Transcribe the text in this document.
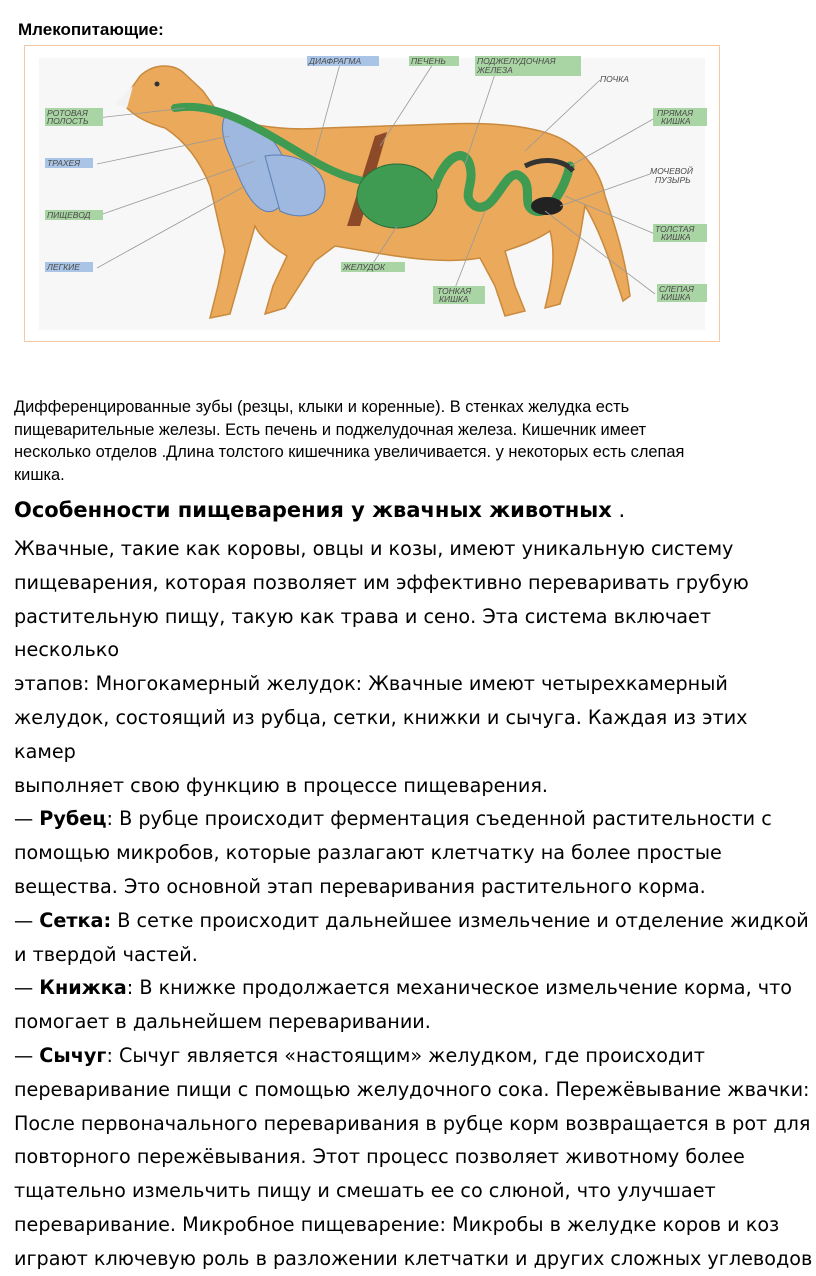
Млекопитающие:
РОТОВАЯ
ПОЛОСТЬ
ТРАХЕЯ
ПИЩЕВОД
ЛЕГКИЕ
ДИАФРАГМА	ПЕЧЕНЬ	ПОДЖЕЛУДОЧНАЯ
ЖЕЛЕЗА
ПОЧКА
ПРЯМАЯ
КИШКА
МОЧЕВОЙ
ПУЗЫРЬ
ТОЛСТАЯ
КИШКА
СЛЕПАЯ
КИШКА
ТОНКАЯ
КИШКА
ЖЕЛУДОК

Дифференцированные зубы (резцы, клыки и коренные). В стенках желудка есть

пищеварительные железы. Есть печень и поджелудочная железа. Кишечник имеет

несколько отделов .Длина толстого кишечника увеличивается. у некоторых есть слепая

кишка.

Особенности пищеварения у жвачных животных .

Жвачные, такие как коровы, овцы и козы, имеют уникальную систему

пищеварения, которая позволяет им эффективно переваривать грубую

растительную пищу, такую как трава и сено. Эта система включает несколько

этапов: Многокамерный желудок: Жвачные имеют четырехкамерный

желудок, состоящий из рубца, сетки, книжки и сычуга. Каждая из этих камер

выполняет свою функцию в процессе пищеварения.

— Рубец: В рубце происходит ферментация съеденной растительности с

помощью микробов, которые разлагают клетчатку на более простые

вещества. Это основной этап переваривания растительного корма.

— Сетка: В сетке происходит дальнейшее измельчение и отделение жидкой

и твердой частей.

— Книжка: В книжке продолжается механическое измельчение корма, что

помогает в дальнейшем переваривании.

— Сычуг: Сычуг является «настоящим» желудком, где происходит

переваривание пищи с помощью желудочного сока. Пережёвывание жвачки:

После первоначального переваривания в рубце корм возвращается в рот для

повторного пережёвывания. Этот процесс позволяет животному более

тщательно измельчить пищу и смешать ее со слюной, что улучшает

переваривание. Микробное пищеварение: Микробы в желудке коров и коз

играют ключевую роль в разложении клетчатки и других сложных углеводов
